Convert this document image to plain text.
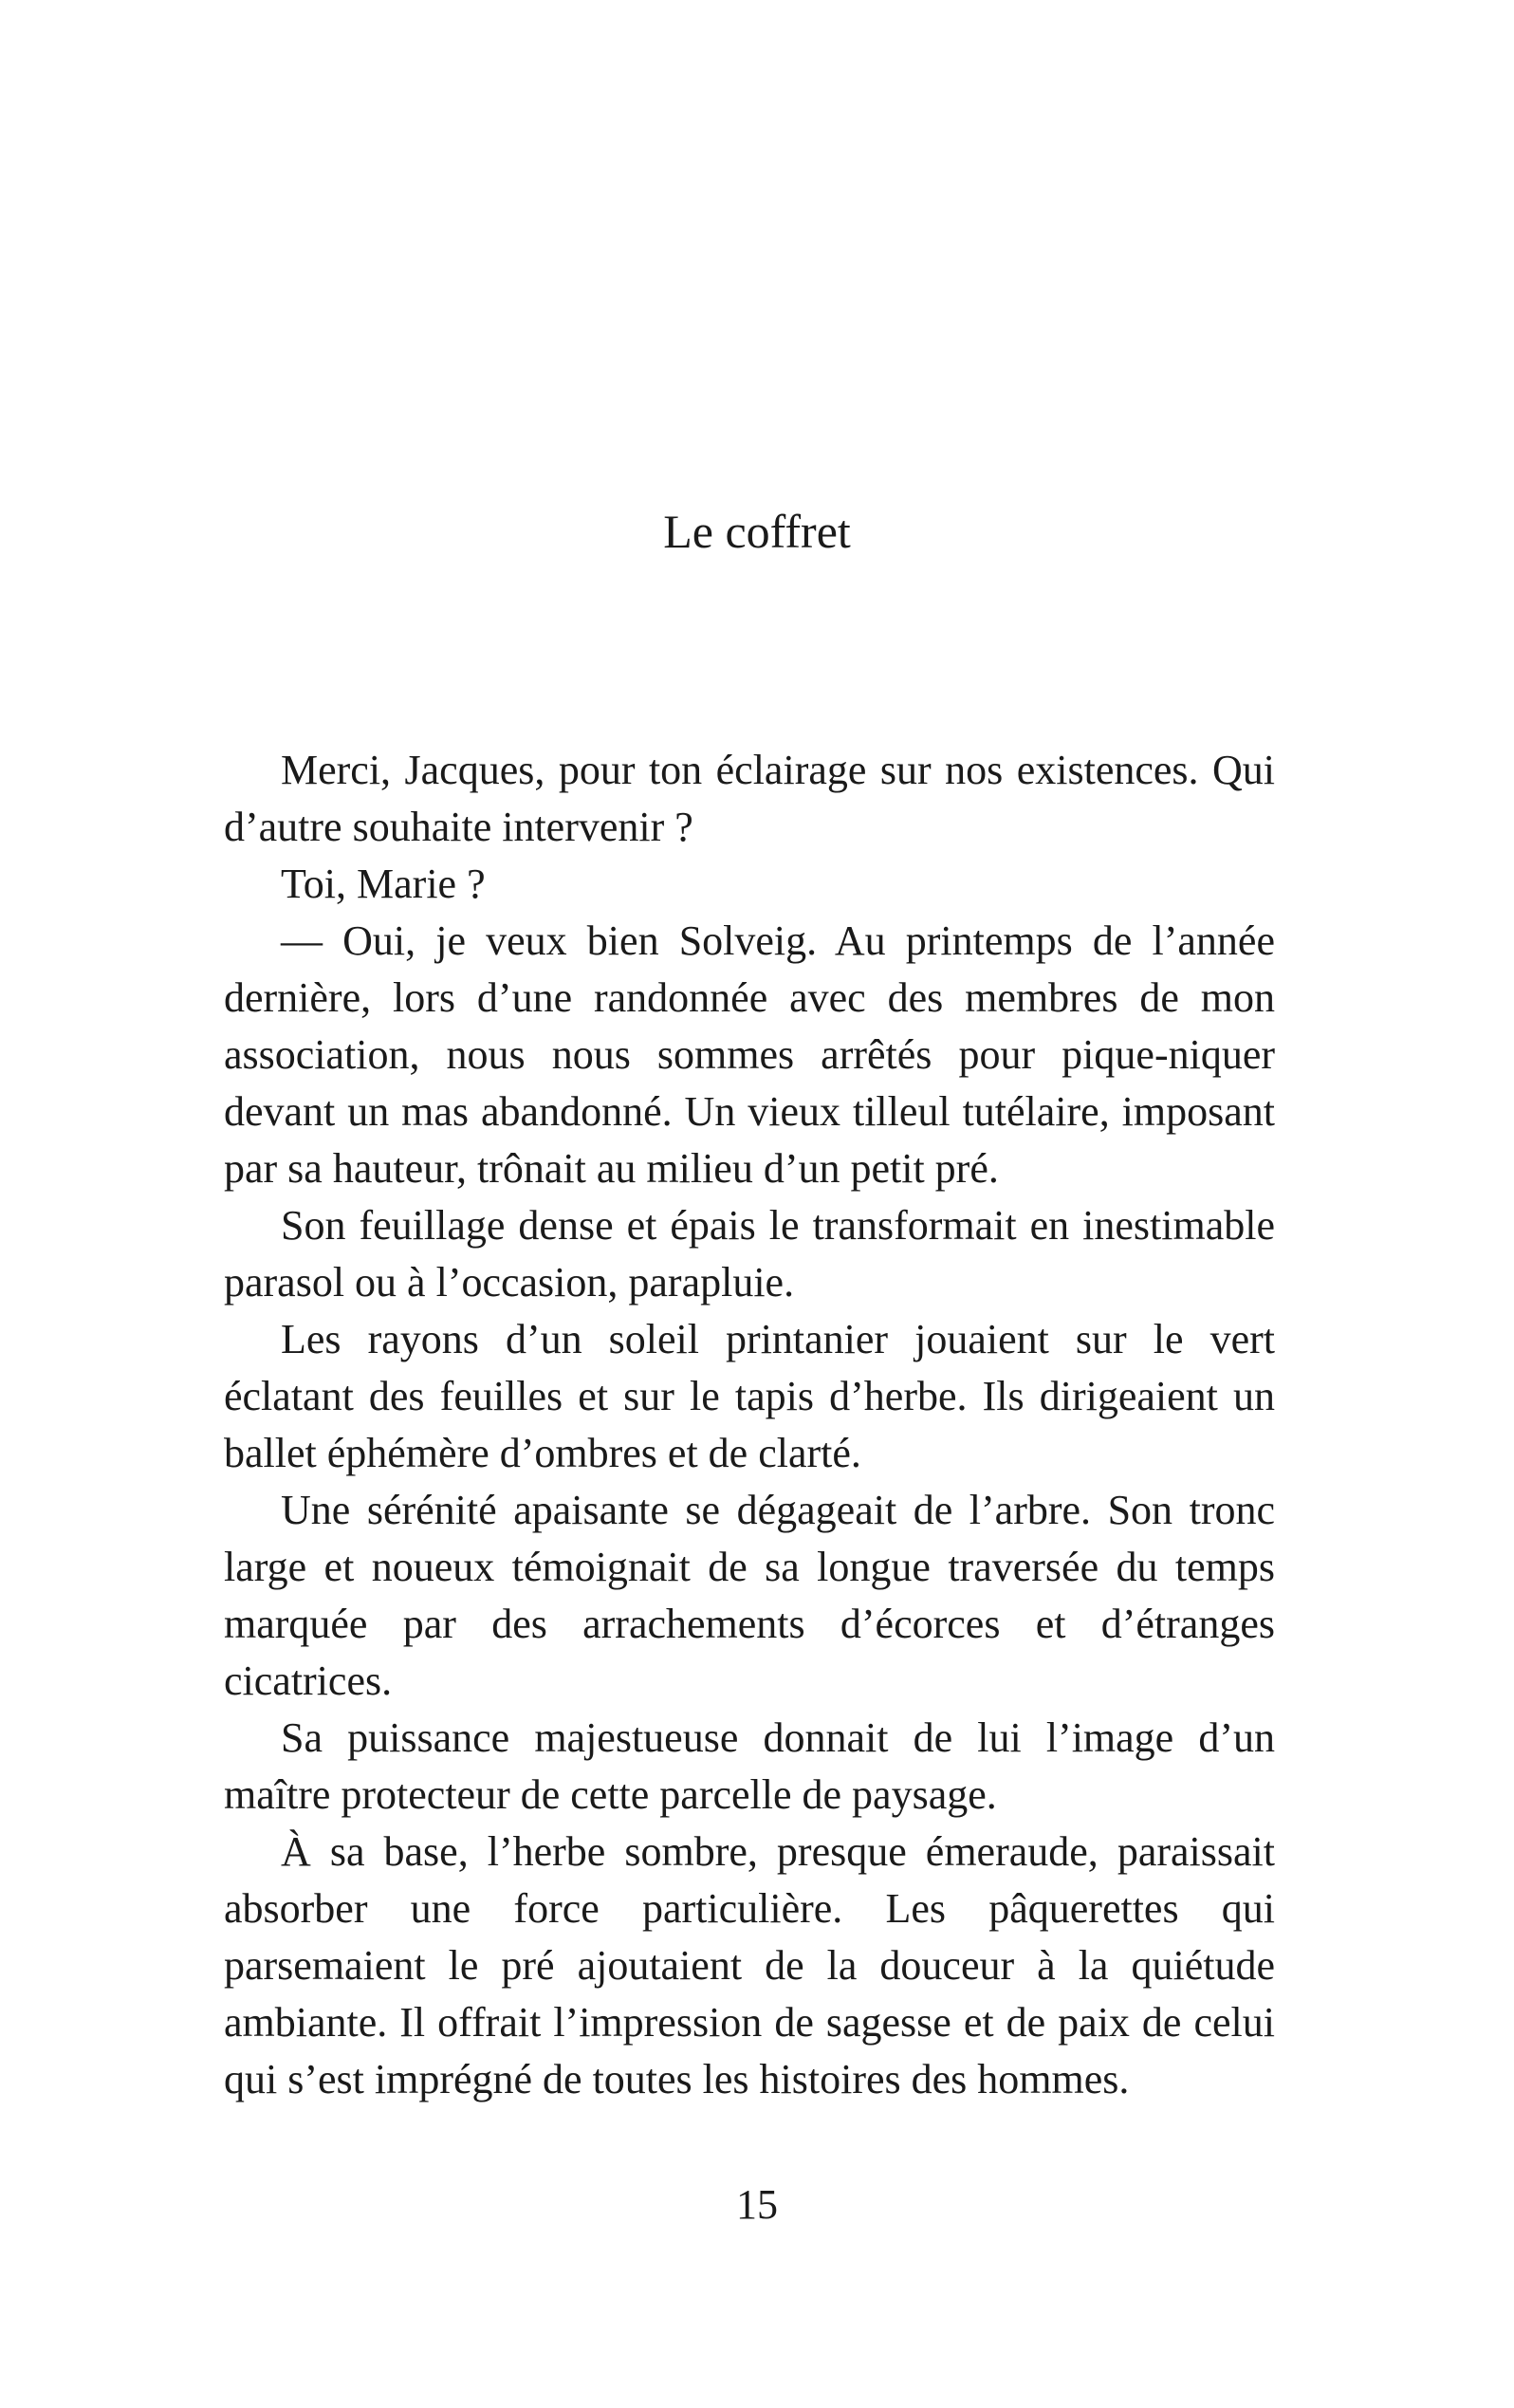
Le coffret

Merci, Jacques, pour ton éclairage sur nos existences. Qui d’autre souhaite intervenir ?

Toi, Marie ?

— Oui, je veux bien Solveig. Au printemps de l’année dernière, lors d’une randonnée avec des membres de mon association, nous nous sommes arrêtés pour pique-niquer devant un mas abandonné. Un vieux tilleul tutélaire, imposant par sa hauteur, trônait au milieu d’un petit pré.

Son feuillage dense et épais le transformait en inestimable parasol ou à l’occasion, parapluie.

Les rayons d’un soleil printanier jouaient sur le vert éclatant des feuilles et sur le tapis d’herbe. Ils dirigeaient un ballet éphémère d’ombres et de clarté.

Une sérénité apaisante se dégageait de l’arbre. Son tronc large et noueux témoignait de sa longue traversée du temps marquée par des arrachements d’écorces et d’étranges cicatrices.

Sa puissance majestueuse donnait de lui l’image d’un maître protecteur de cette parcelle de paysage.

À sa base, l’herbe sombre, presque émeraude, paraissait absorber une force particulière. Les pâquerettes qui parsemaient le pré ajoutaient de la douceur à la quiétude ambiante. Il offrait l’impression de sagesse et de paix de celui qui s’est imprégné de toutes les histoires des hommes.

15
